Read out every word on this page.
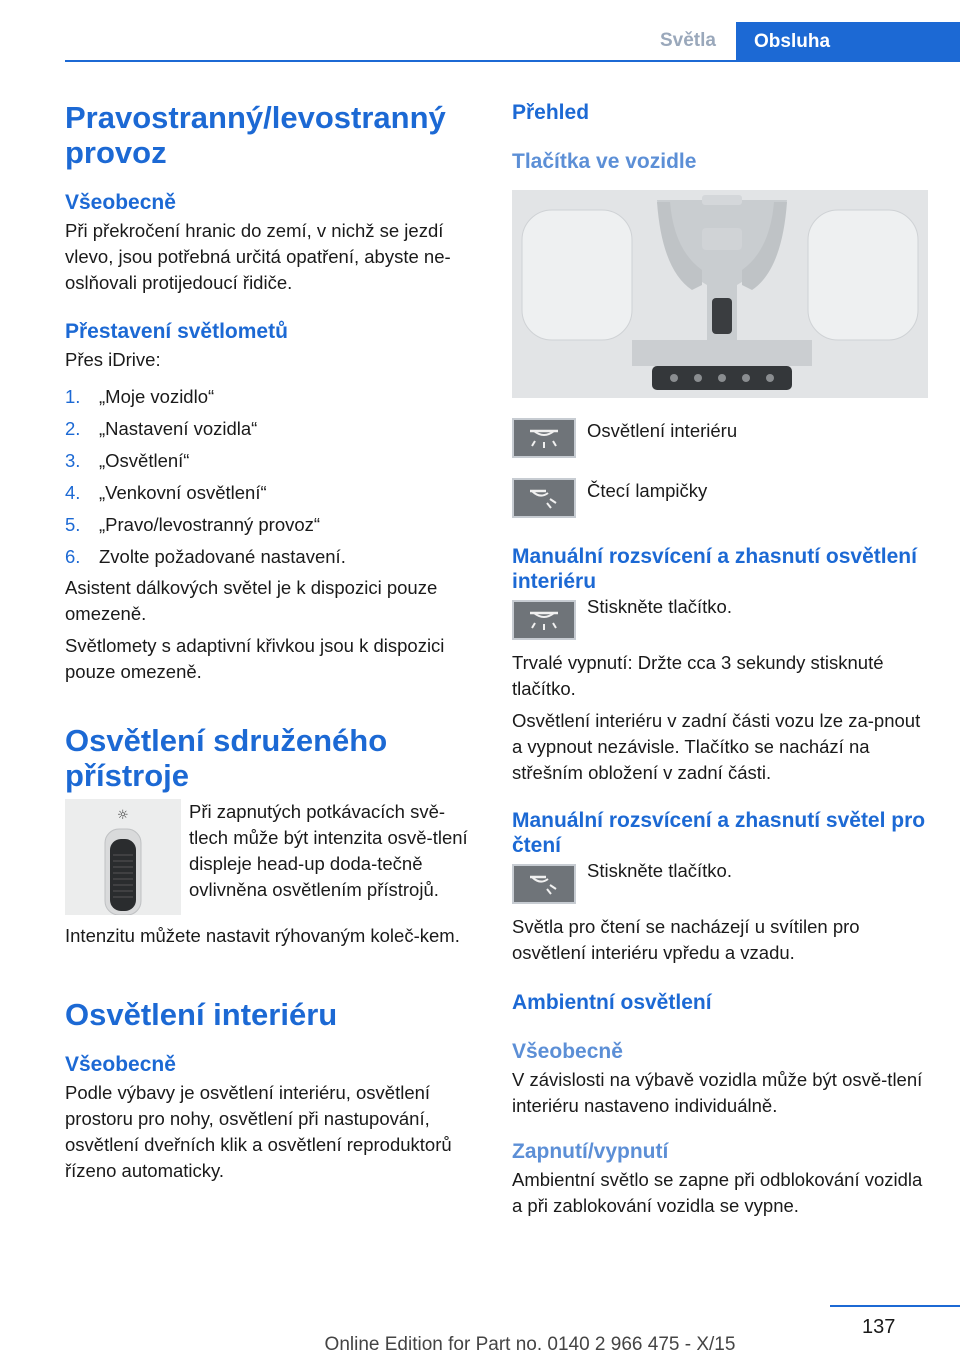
Světla	Obsluha
Pravostranný/levostranný provoz
Všeobecně

Při překročení hranic do zemí, v nichž se jezdí vlevo, jsou potřebná určitá opatření, abyste ne-oslňovali protijedoucí řidiče.

Přestavení světlometů

Přes iDrive:

1.	„Moje vozidlo“
2.	„Nastavení vozidla“
3.	„Osvětlení“
4.	„Venkovní osvětlení“
5.	„Pravo/levostranný provoz“
6.	Zvolte požadované nastavení.

Asistent dálkových světel je k dispozici pouze omezeně.

Světlomety s adaptivní křivkou jsou k dispozici pouze omezeně.

Osvětlení sdruženého přístroje
☼	Při zapnutých potkávacích svě-tlech může být intenzita osvě-tlení displeje head-up doda-tečně ovlivněna osvětlením přístrojů.

Intenzitu můžete nastavit rýhovaným koleč-kem.

Osvětlení interiéru
Všeobecně

Podle výbavy je osvětlení interiéru, osvětlení prostoru pro nohy, osvětlení při nastupování, osvětlení dveřních klik a osvětlení reproduktorů řízeno automaticky.

Přehled
Tlačítka ve vozidle

Osvětlení interiéru

Čtecí lampičky

Manuální rozsvícení a zhasnutí osvětlení interiéru

Stiskněte tlačítko.

Trvalé vypnutí: Držte cca 3 sekundy stisknuté tlačítko.

Osvětlení interiéru v zadní části vozu lze za-pnout a vypnout nezávisle. Tlačítko se nachází na střešním obložení v zadní části.

Manuální rozsvícení a zhasnutí světel pro čtení

Stiskněte tlačítko.

Světla pro čtení se nacházejí u svítilen pro osvětlení interiéru vpředu a vzadu.

Ambientní osvětlení
Všeobecně

V závislosti na výbavě vozidla může být osvě-tlení interiéru nastaveno individuálně.

Zapnutí/vypnutí

Ambientní světlo se zapne při odblokování vozidla a při zablokování vozidla se vypne.

137
Online Edition for Part no. 0140 2 966 475 - X/15
